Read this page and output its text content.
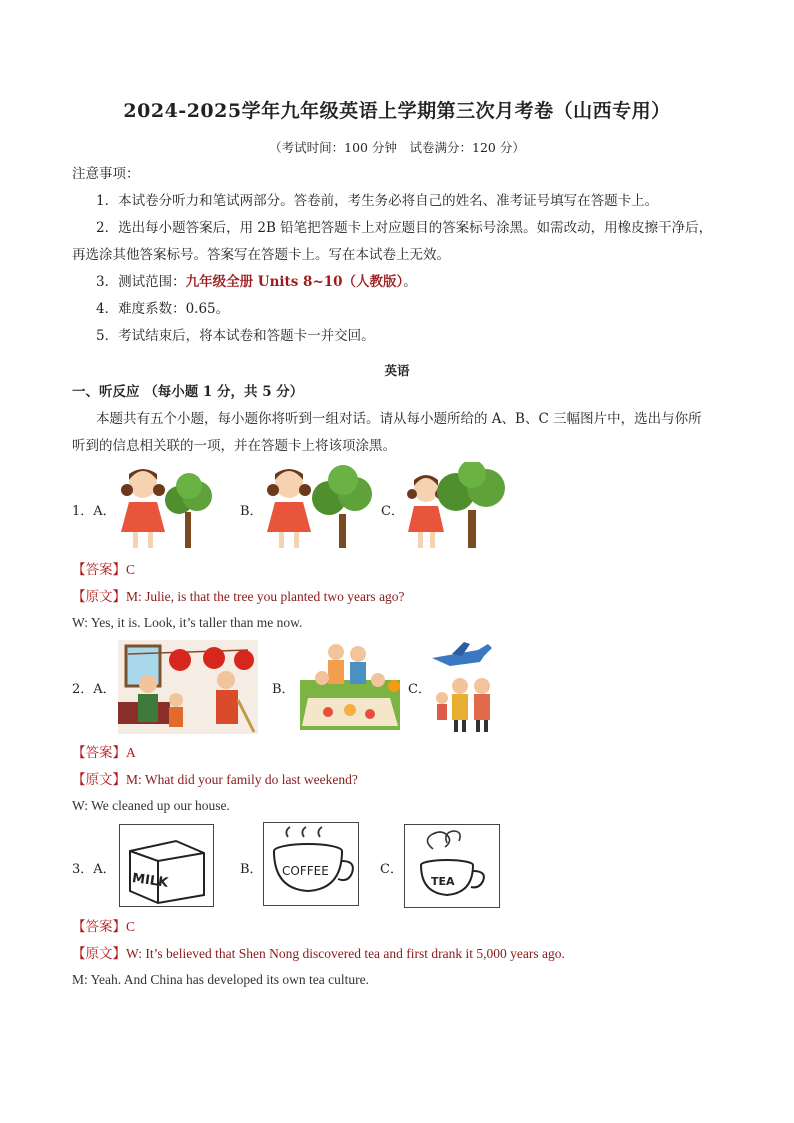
2024-2025学年九年级英语上学期第三次月考卷（山西专用）
（考试时间：100 分钟　试卷满分：120 分）
注意事项：
1．本试卷分听力和笔试两部分。答卷前，考生务必将自己的姓名、准考证号填写在答题卡上。
2．选出每小题答案后，用 2B 铅笔把答题卡上对应题目的答案标号涂黑。如需改动，用橡皮擦干净后，
再选涂其他答案标号。答案写在答题卡上。写在本试卷上无效。
3．测试范围：九年级全册 Units 8~10（人教版）。
4．难度系数：0.65。
5．考试结束后，将本试卷和答题卡一并交回。
英语
一、听反应 （每小题 1 分，共 5 分）
本题共有五个小题，每小题你将听到一组对话。请从每小题所给的 A、B、C 三幅图片中，选出与你所
听到的信息相关联的一项，并在答题卡上将该项涂黑。
1．A．	B．	C．
【答案】C
【原文】M: Julie, is that the tree you planted two years ago?
W: Yes, it is. Look, it’s taller than me now.
2．A．	B．	C．
【答案】A
【原文】M: What did your family do last weekend?
W: We cleaned up our house.
3．A．
MILK
B． COFFEE	C．
TEA
【答案】C
【原文】W: It’s believed that Shen Nong discovered tea and first drank it 5,000 years ago.
M: Yeah. And China has developed its own tea culture.
